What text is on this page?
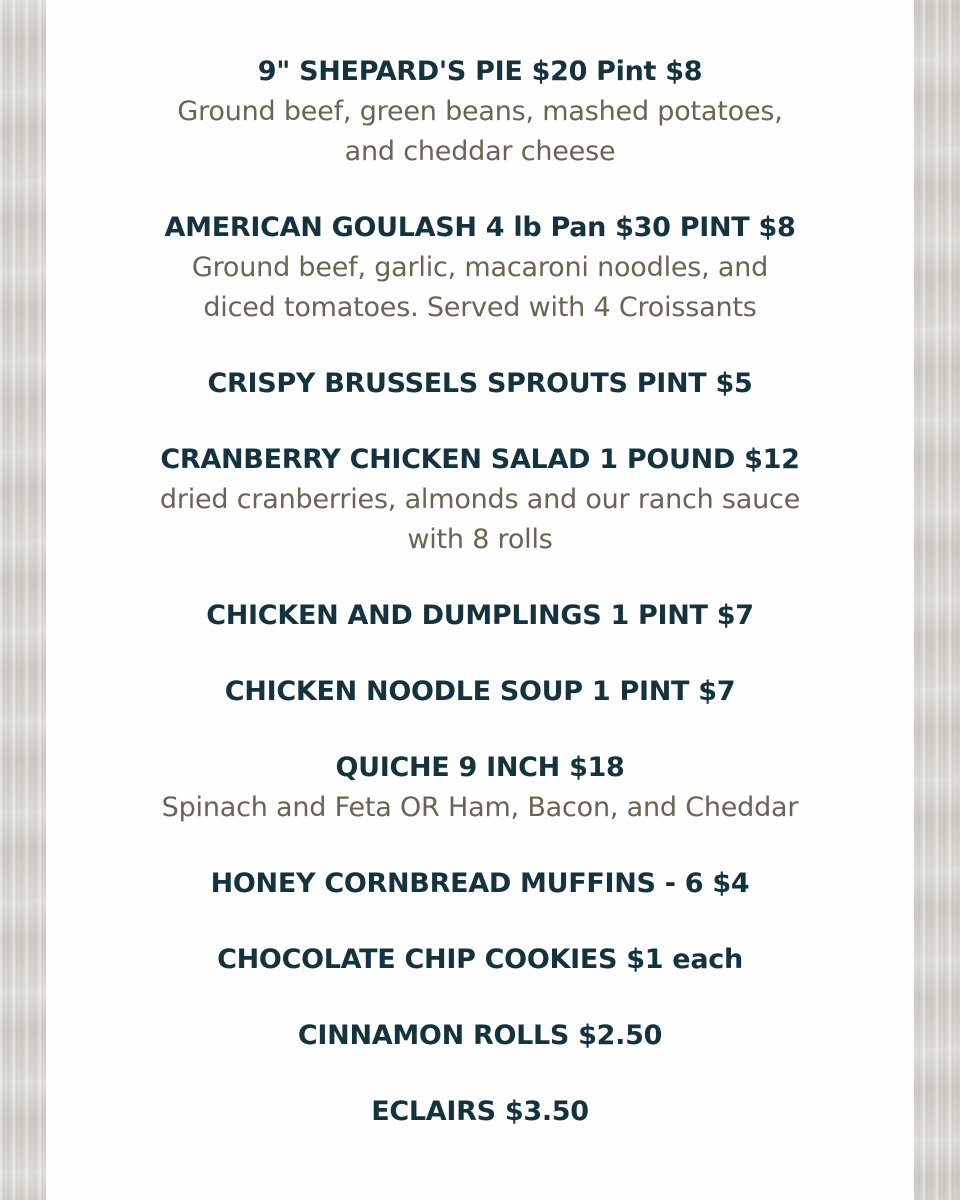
9" SHEPARD'S PIE $20 Pint $8
Ground beef, green beans, mashed potatoes,
and cheddar cheese
AMERICAN GOULASH 4 lb Pan $30 PINT $8
Ground beef, garlic, macaroni noodles, and
diced tomatoes. Served with 4 Croissants
CRISPY BRUSSELS SPROUTS PINT $5
CRANBERRY CHICKEN SALAD 1 POUND $12
dried cranberries, almonds and our ranch sauce
with 8 rolls
CHICKEN AND DUMPLINGS 1 PINT $7
CHICKEN NOODLE SOUP 1 PINT $7
QUICHE 9 INCH $18
Spinach and Feta OR Ham, Bacon, and Cheddar
HONEY CORNBREAD MUFFINS - 6 $4
CHOCOLATE CHIP COOKIES $1 each
CINNAMON ROLLS $2.50
ECLAIRS $3.50
